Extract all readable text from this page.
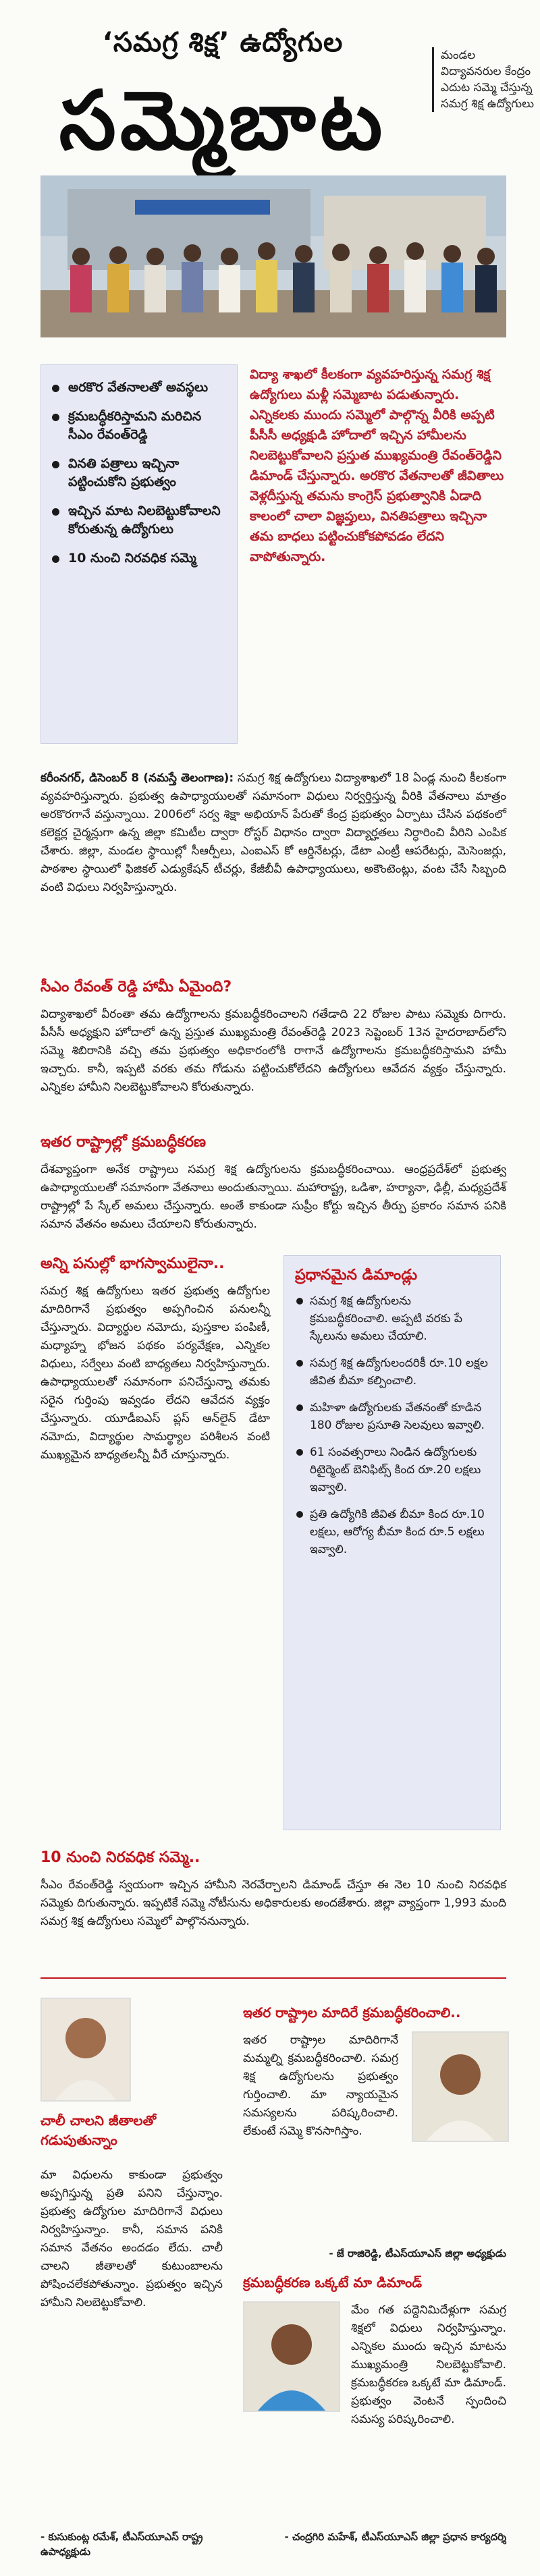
‘సమగ్ర శిక్ష’ ఉద్యోగుల
సమ్మెబాట
మండల విద్యావనరుల కేంద్రం ఎదుట సమ్మె చేస్తున్న సమగ్ర శిక్ష ఉద్యోగులు
అరకొర వేతనాలతో అవస్థలు
క్రమబద్ధీకరిస్తామని మరిచిన సీఎం రేవంత్‌రెడ్డి
వినతి పత్రాలు ఇచ్చినా పట్టించుకోని ప్రభుత్వం
ఇచ్చిన మాట నిలబెట్టుకోవాలని కోరుతున్న ఉద్యోగులు
10 నుంచి నిరవధిక సమ్మె
విద్యా శాఖలో కీలకంగా వ్యవహరిస్తున్న సమగ్ర శిక్ష ఉద్యోగులు మళ్లీ సమ్మెబాట పడుతున్నారు. ఎన్నికలకు ముందు సమ్మెలో పాల్గొన్న వీరికి అప్పటి పీసీసీ అధ్యక్షుడి హోదాలో ఇచ్చిన హామీలను నిలబెట్టుకోవాలని ప్రస్తుత ముఖ్యమంత్రి రేవంత్‌రెడ్డిని డిమాండ్ చేస్తున్నారు. అరకొర వేతనాలతో జీవితాలు వెళ్లదీస్తున్న తమను కాంగ్రెస్ ప్రభుత్వానికి ఏడాది కాలంలో చాలా విజ్ఞప్తులు, వినతిపత్రాలు ఇచ్చినా తమ బాధలు పట్టించుకోకపోవడం లేదని వాపోతున్నారు.
కరీంనగర్, డిసెంబర్ 8 (నమస్తే తెలంగాణ): సమగ్ర శిక్ష ఉద్యోగులు విద్యాశాఖలో 18 ఏండ్ల నుంచి కీలకంగా వ్యవహరిస్తున్నారు. ప్రభుత్వ ఉపాధ్యాయులతో సమానంగా విధులు నిర్వర్తిస్తున్న వీరికి వేతనాలు మాత్రం అరకొరగానే వస్తున్నాయి. 2006లో సర్వ శిక్షా అభియాన్ పేరుతో కేంద్ర ప్రభుత్వం ఏర్పాటు చేసిన పథకంలో కలెక్టర్ల చైర్మన్లుగా ఉన్న జిల్లా కమిటీల ద్వారా రోస్టర్ విధానం ద్వారా విద్యార్హతలు నిర్ధారించి వీరిని ఎంపిక చేశారు. జిల్లా, మండల స్థాయిల్లో సీఆర్పీలు, ఎంఐఎస్ కో ఆర్డినేటర్లు, డేటా ఎంట్రీ ఆపరేటర్లు, మెసెంజర్లు, పాఠశాల స్థాయిలో ఫిజికల్ ఎడ్యుకేషన్ టీచర్లు, కేజీబీవీ ఉపాధ్యాయులు, అకౌంటెంట్లు, వంట చేసే సిబ్బంది వంటి విధులు నిర్వహిస్తున్నారు.
సీఎం రేవంత్ రెడ్డి హామీ ఏమైంది?
విద్యాశాఖలో వీరంతా తమ ఉద్యోగాలను క్రమబద్ధీకరించాలని గతేడాది 22 రోజుల పాటు సమ్మెకు దిగారు. పీసీసీ అధ్యక్షుని హోదాలో ఉన్న ప్రస్తుత ముఖ్యమంత్రి రేవంత్‌రెడ్డి 2023 సెప్టెంబర్ 13న హైదరాబాద్‌లోని సమ్మె శిబిరానికి వచ్చి తమ ప్రభుత్వం అధికారంలోకి రాగానే ఉద్యోగాలను క్రమబద్ధీకరిస్తామని హామీ ఇచ్చారు. కానీ, ఇప్పటి వరకు తమ గోడును పట్టించుకోలేదని ఉద్యోగులు ఆవేదన వ్యక్తం చేస్తున్నారు. ఎన్నికల హామీని నిలబెట్టుకోవాలని కోరుతున్నారు.
ఇతర రాష్ట్రాల్లో క్రమబద్ధీకరణ
దేశవ్యాప్తంగా అనేక రాష్ట్రాలు సమగ్ర శిక్ష ఉద్యోగులను క్రమబద్ధీకరించాయి. ఆంధ్రప్రదేశ్‌లో ప్రభుత్వ ఉపాధ్యాయులతో సమానంగా వేతనాలు అందుతున్నాయి. మహారాష్ట్ర, ఒడిశా, హర్యానా, ఢిల్లీ, మధ్యప్రదేశ్ రాష్ట్రాల్లో పే స్కేల్ అమలు చేస్తున్నారు. అంతే కాకుండా సుప్రీం కోర్టు ఇచ్చిన తీర్పు ప్రకారం సమాన పనికి సమాన వేతనం అమలు చేయాలని కోరుతున్నారు.
అన్ని పనుల్లో భాగస్వాములైనా..
సమగ్ర శిక్ష ఉద్యోగులు ఇతర ప్రభుత్వ ఉద్యోగుల మాదిరిగానే ప్రభుత్వం అప్పగించిన పనులన్నీ చేస్తున్నారు. విద్యార్థుల నమోదు, పుస్తకాల పంపిణీ, మధ్యాహ్న భోజన పథకం పర్యవేక్షణ, ఎన్నికల విధులు, సర్వేలు వంటి బాధ్యతలు నిర్వహిస్తున్నారు. ఉపాధ్యాయులతో సమానంగా పనిచేస్తున్నా తమకు సరైన గుర్తింపు ఇవ్వడం లేదని ఆవేదన వ్యక్తం చేస్తున్నారు. యూడీఐఎస్ ప్లస్ ఆన్‌లైన్ డేటా నమోదు, విద్యార్థుల సామర్థ్యాల పరిశీలన వంటి ముఖ్యమైన బాధ్యతలన్నీ వీరే చూస్తున్నారు.
ప్రధానమైన డిమాండ్లు
సమగ్ర శిక్ష ఉద్యోగులను క్రమబద్ధీకరించాలి. అప్పటి వరకు పే స్కేలును అమలు చేయాలి.
సమగ్ర శిక్ష ఉద్యోగులందరికీ రూ.10 లక్షల జీవిత బీమా కల్పించాలి.
మహిళా ఉద్యోగులకు వేతనంతో కూడిన 180 రోజుల ప్రసూతి సెలవులు ఇవ్వాలి.
61 సంవత్సరాలు నిండిన ఉద్యోగులకు రిటైర్మెంట్ బెనిఫిట్స్ కింద రూ.20 లక్షలు ఇవ్వాలి.
ప్రతి ఉద్యోగికి జీవిత బీమా కింద రూ.10 లక్షలు, ఆరోగ్య బీమా కింద రూ.5 లక్షలు ఇవ్వాలి.
10 నుంచి నిరవధిక సమ్మె..
సీఎం రేవంత్‌రెడ్డి స్వయంగా ఇచ్చిన హామీని నెరవేర్చాలని డిమాండ్ చేస్తూ ఈ నెల 10 నుంచి నిరవధిక సమ్మెకు దిగుతున్నారు. ఇప్పటికే సమ్మె నోటీసును అధికారులకు అందజేశారు. జిల్లా వ్యాప్తంగా 1,993 మంది సమగ్ర శిక్ష ఉద్యోగులు సమ్మెలో పాల్గొననున్నారు.
చాలీ చాలని జీతాలతో గడుపుతున్నాం
మా విధులను కాకుండా ప్రభుత్వం అప్పగిస్తున్న ప్రతి పనిని చేస్తున్నాం. ప్రభుత్వ ఉద్యోగుల మాదిరిగానే విధులు నిర్వహిస్తున్నాం. కానీ, సమాన పనికి సమాన వేతనం అందడం లేదు. చాలీ చాలని జీతాలతో కుటుంబాలను పోషించలేకపోతున్నాం. ప్రభుత్వం ఇచ్చిన హామీని నిలబెట్టుకోవాలి.
- కుసుకుంట్ల రమేశ్, టీఎస్‌యూఎస్ రాష్ట్ర ఉపాధ్యక్షుడు
ఇతర రాష్ట్రాల మాదిరే క్రమబద్ధీకరించాలి..
ఇతర రాష్ట్రాల మాదిరిగానే మమ్మల్ని క్రమబద్ధీకరించాలి. సమగ్ర శిక్ష ఉద్యోగులను ప్రభుత్వం గుర్తించాలి. మా న్యాయమైన సమస్యలను పరిష్కరించాలి. లేకుంటే సమ్మె కొనసాగిస్తాం.
- జే రాజిరెడ్డి, టీఎస్‌యూఎస్ జిల్లా అధ్యక్షుడు
క్రమబద్ధీకరణ ఒక్కటే మా డిమాండ్
మేం గత పద్దెనిమిదేళ్లుగా సమగ్ర శిక్షలో విధులు నిర్వహిస్తున్నాం. ఎన్నికల ముందు ఇచ్చిన మాటను ముఖ్యమంత్రి నిలబెట్టుకోవాలి. క్రమబద్ధీకరణ ఒక్కటే మా డిమాండ్. ప్రభుత్వం వెంటనే స్పందించి సమస్య పరిష్కరించాలి.
- చంద్రగిరి మహేశ్, టీఎస్‌యూఎస్ జిల్లా ప్రధాన కార్యదర్శి
